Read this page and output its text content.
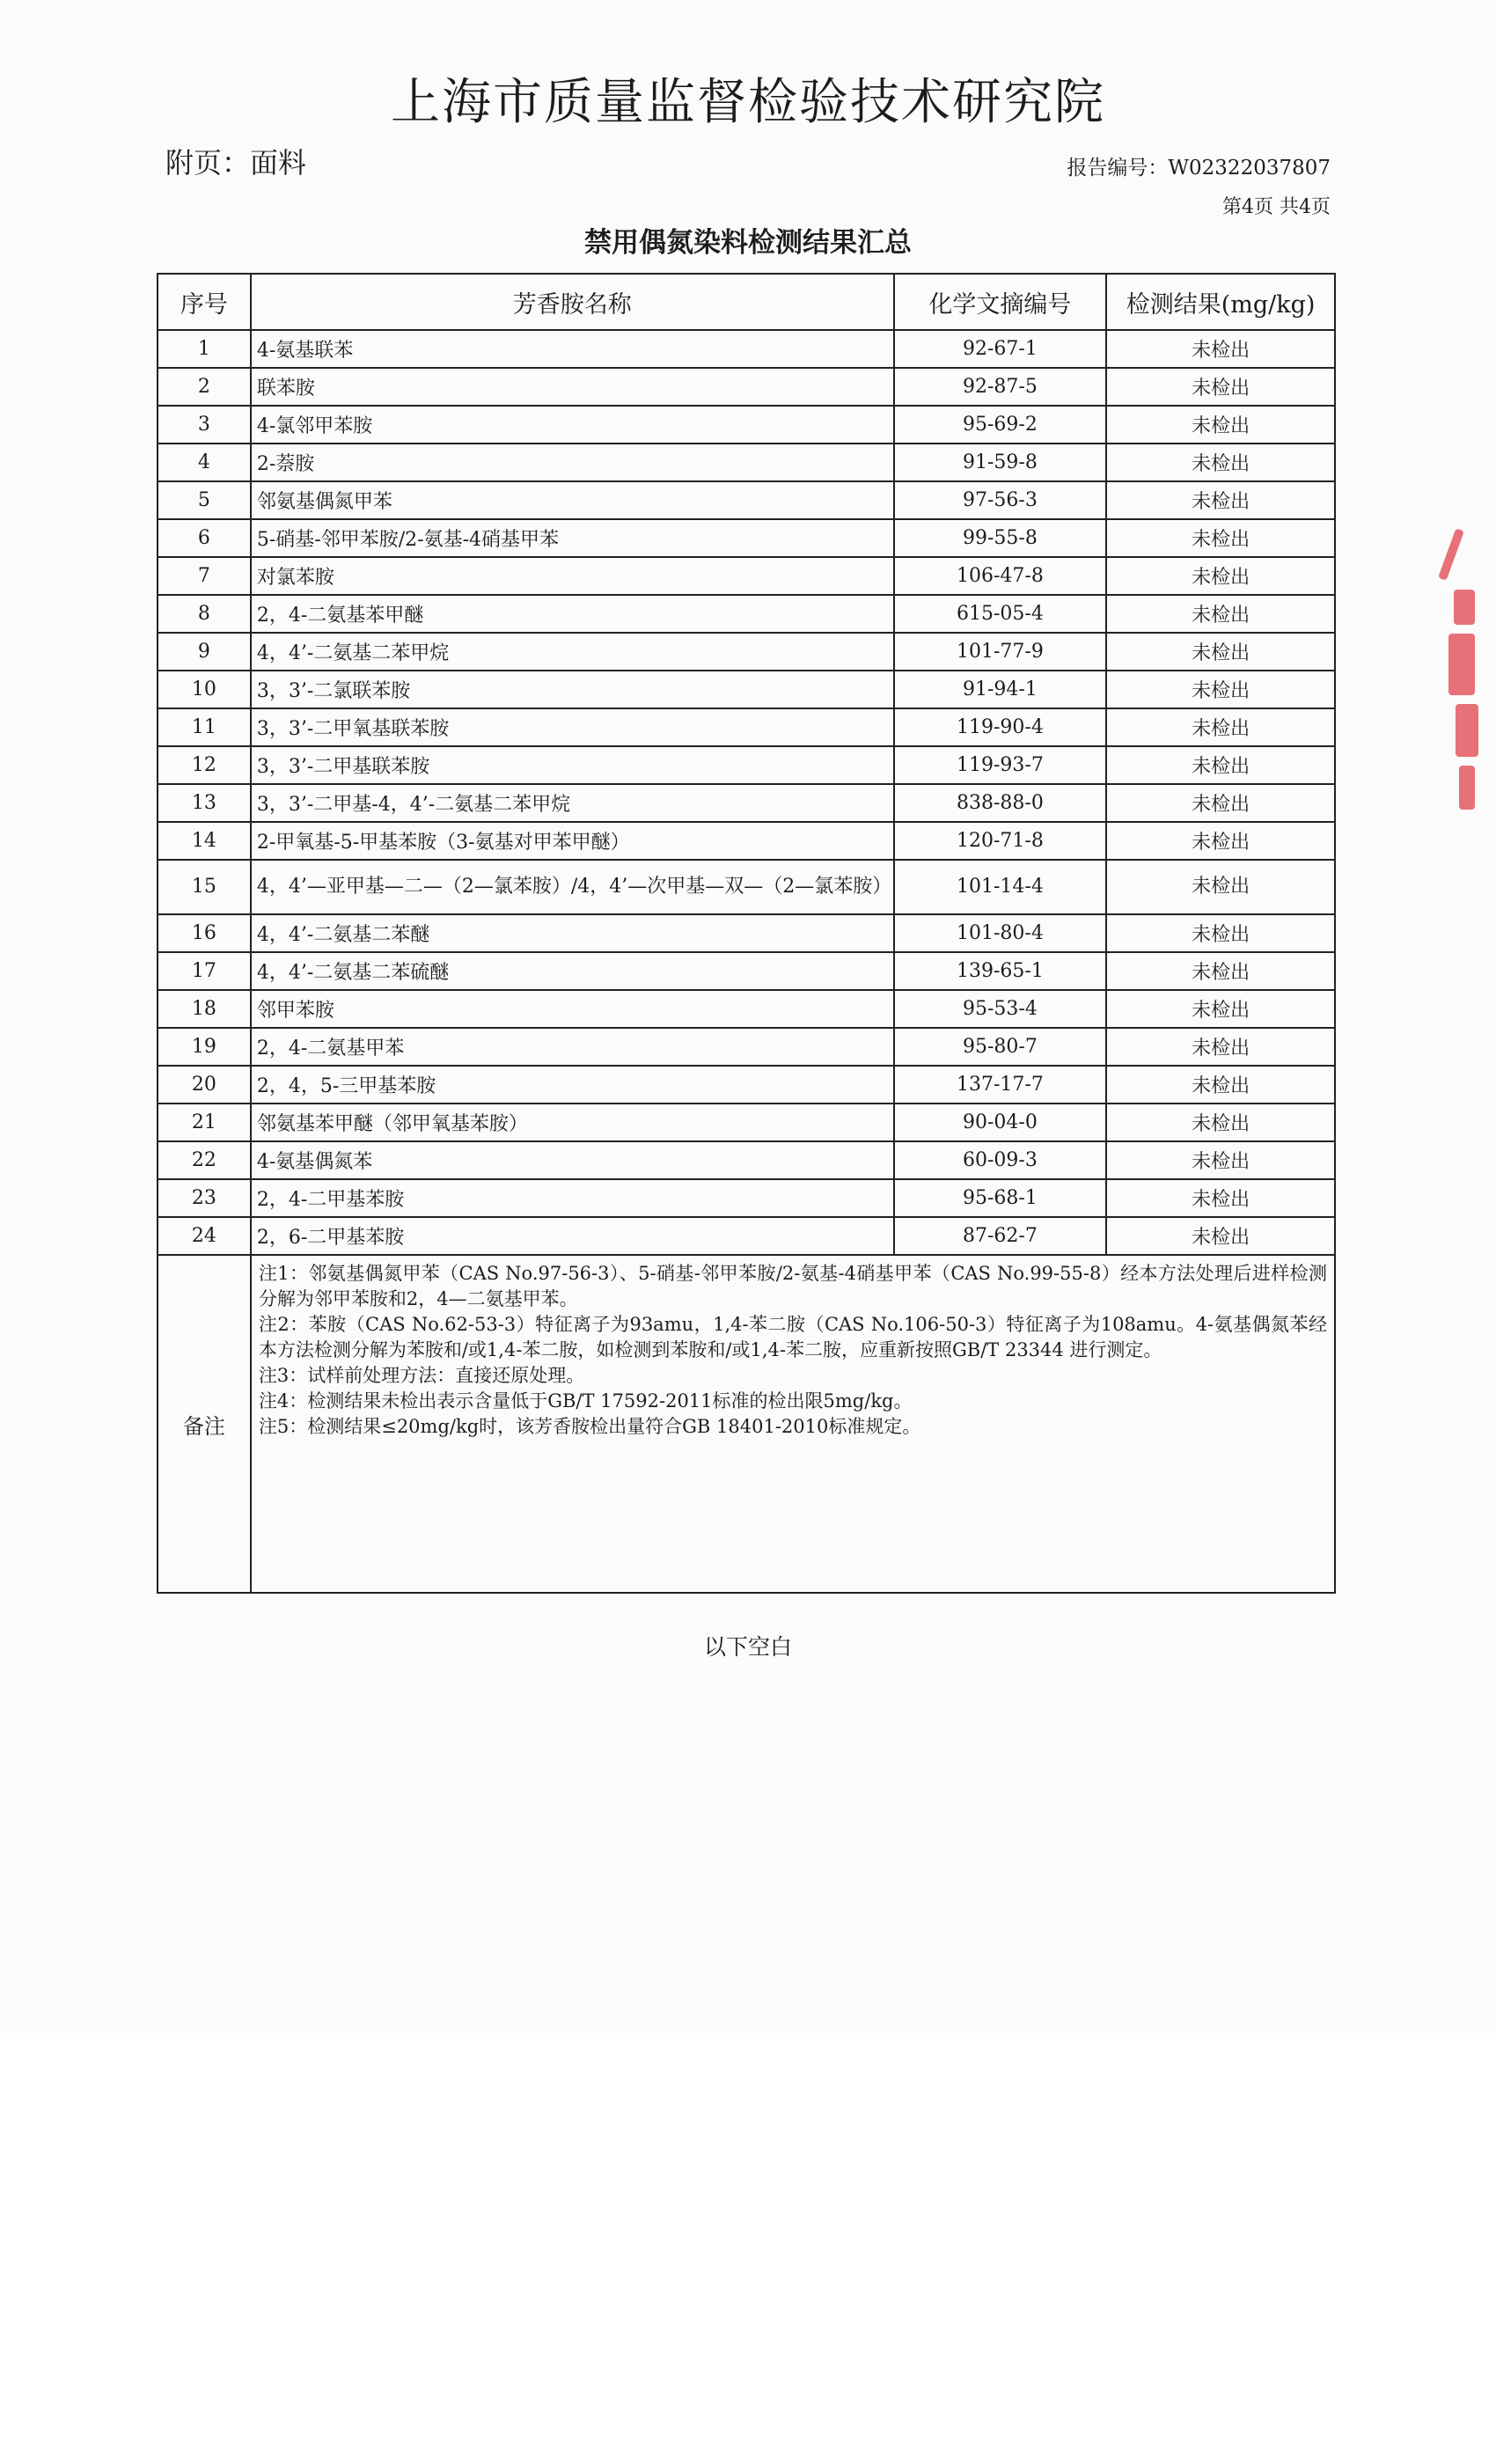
上海市质量监督检验技术研究院
附页：面料	报告编号：W02322037807
第4页 共4页
禁用偶氮染料检测结果汇总
序号	芳香胺名称	化学文摘编号	检测结果(mg/kg)
1	4-氨基联苯	92-67-1	未检出
2	联苯胺	92-87-5	未检出
3	4-氯邻甲苯胺	95-69-2	未检出
4	2-萘胺	91-59-8	未检出
5	邻氨基偶氮甲苯	97-56-3	未检出
6	5-硝基-邻甲苯胺/2-氨基-4硝基甲苯	99-55-8	未检出
7	对氯苯胺	106-47-8	未检出
8	2，4-二氨基苯甲醚	615-05-4	未检出
9	4，4’-二氨基二苯甲烷	101-77-9	未检出
10	3，3’-二氯联苯胺	91-94-1	未检出
11	3，3’-二甲氧基联苯胺	119-90-4	未检出
12	3，3’-二甲基联苯胺	119-93-7	未检出
13	3，3’-二甲基-4，4’-二氨基二苯甲烷	838-88-0	未检出
14	2-甲氧基-5-甲基苯胺（3-氨基对甲苯甲醚）	120-71-8	未检出
15	4，4’—亚甲基—二—（2—氯苯胺）/4，4’—次甲基—双—（2—氯苯胺）	101-14-4	未检出
16	4，4’-二氨基二苯醚	101-80-4	未检出
17	4，4’-二氨基二苯硫醚	139-65-1	未检出
18	邻甲苯胺	95-53-4	未检出
19	2，4-二氨基甲苯	95-80-7	未检出
20	2，4，5-三甲基苯胺	137-17-7	未检出
21	邻氨基苯甲醚（邻甲氧基苯胺）	90-04-0	未检出
22	4-氨基偶氮苯	60-09-3	未检出
23	2，4-二甲基苯胺	95-68-1	未检出
24	2，6-二甲基苯胺	87-62-7	未检出
备注	注1：邻氨基偶氮甲苯（CAS No.97-56-3）、5-硝基-邻甲苯胺/2-氨基-4硝基甲苯（CAS No.99-55-8）经本方法处理后进样检测分解为邻甲苯胺和2，4—二氨基甲苯。

注2：苯胺（CAS No.62-53-3）特征离子为93amu，1,4-苯二胺（CAS No.106-50-3）特征离子为108amu。4-氨基偶氮苯经本方法检测分解为苯胺和/或1,4-苯二胺，如检测到苯胺和/或1,4-苯二胺，应重新按照GB/T 23344 进行测定。

注3：试样前处理方法：直接还原处理。

注4：检测结果未检出表示含量低于GB/T 17592-2011标准的检出限5mg/kg。

注5：检测结果≤20mg/kg时，该芳香胺检出量符合GB 18401-2010标准规定。		

以下空白
